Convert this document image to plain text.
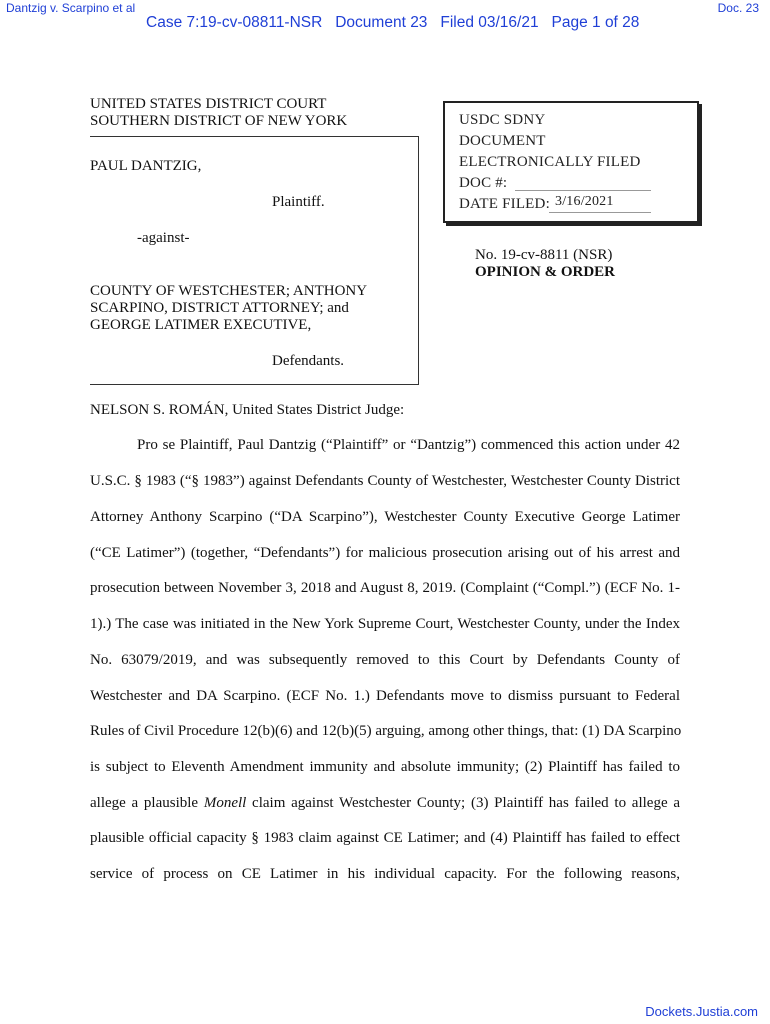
Dantzig v. Scarpino et al	Doc. 23
Case 7:19-cv-08811-NSR   Document 23   Filed 03/16/21   Page 1 of 28
UNITED STATES DISTRICT COURT
SOUTHERN DISTRICT OF NEW YORK
PAUL DANTZIG,
Plaintiff.
-against-
COUNTY OF WESTCHESTER; ANTHONY
SCARPINO, DISTRICT ATTORNEY; and
GEORGE LATIMER EXECUTIVE,
Defendants.
USDC SDNY
DOCUMENT
ELECTRONICALLY FILED
DOC #:
DATE FILED: 3/16/2021
No. 19-cv-8811 (NSR)
OPINION & ORDER
NELSON S. ROMÁN, United States District Judge:
Pro se Plaintiff, Paul Dantzig (“Plaintiff” or “Dantzig”) commenced this action under 42
U.S.C. § 1983 (“§ 1983”) against Defendants County of Westchester, Westchester County District
Attorney Anthony Scarpino (“DA Scarpino”), Westchester County Executive George Latimer
(“CE Latimer”) (together, “Defendants”) for malicious prosecution arising out of his arrest and
prosecution between November 3, 2018 and August 8, 2019. (Complaint (“Compl.”) (ECF No. 1-
1).) The case was initiated in the New York Supreme Court, Westchester County, under the Index
No. 63079/2019, and was subsequently removed to this Court by Defendants County of
Westchester and DA Scarpino. (ECF No. 1.) Defendants move to dismiss pursuant to Federal
Rules of Civil Procedure 12(b)(6) and 12(b)(5) arguing, among other things, that: (1) DA Scarpino
is subject to Eleventh Amendment immunity and absolute immunity; (2) Plaintiff has failed to
allege a plausible Monell claim against Westchester County; (3) Plaintiff has failed to allege a
plausible official capacity § 1983 claim against CE Latimer; and (4) Plaintiff has failed to effect
service of process on CE Latimer in his individual capacity. For the following reasons,
Dockets.Justia.com
